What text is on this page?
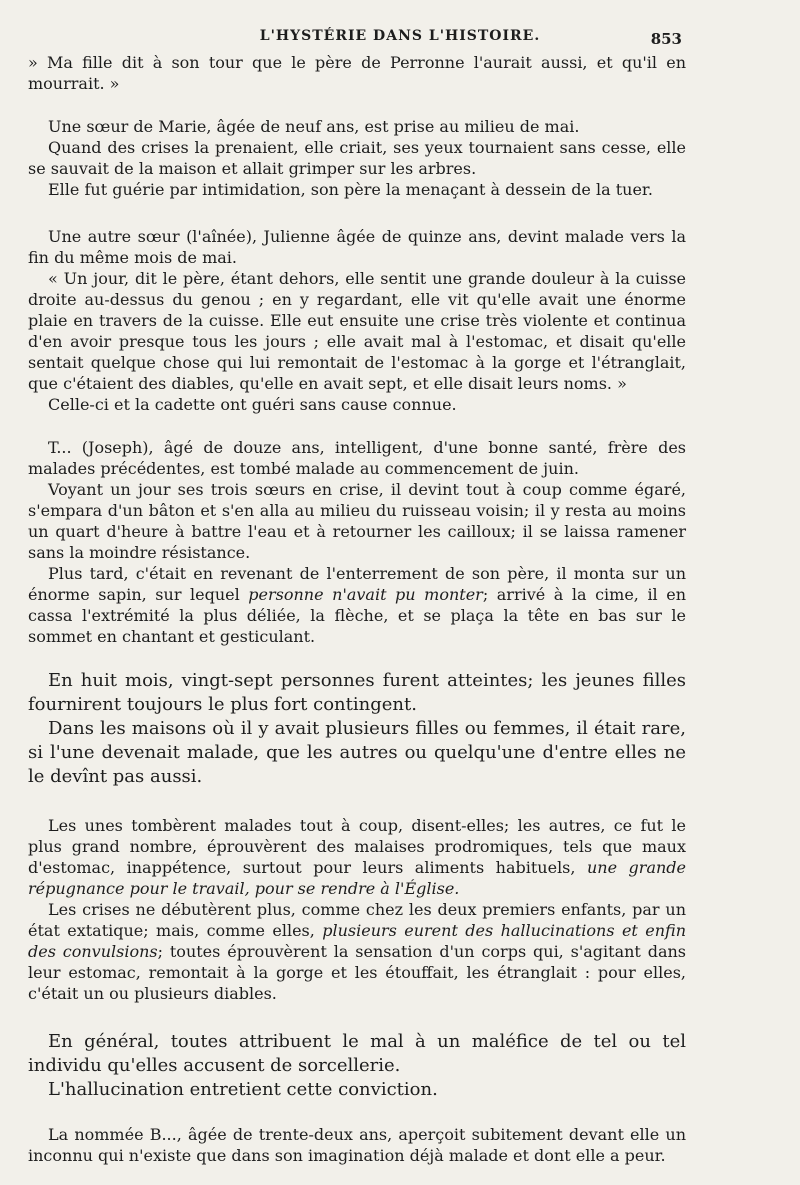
L'HYSTÉRIE DANS L'HISTOIRE.	853

» Ma fille dit à son tour que le père de Perronne l'aurait aussi, et qu'il en mourrait. »

Une sœur de Marie, âgée de neuf ans, est prise au milieu de mai.

Quand des crises la prenaient, elle criait, ses yeux tournaient sans cesse, elle se sauvait de la maison et allait grimper sur les arbres.

Elle fut guérie par intimidation, son père la menaçant à dessein de la tuer.

Une autre sœur (l'aînée), Julienne âgée de quinze ans, devint malade vers la fin du même mois de mai.

« Un jour, dit le père, étant dehors, elle sentit une grande douleur à la cuisse droite au-dessus du genou ; en y regardant, elle vit qu'elle avait une énorme plaie en travers de la cuisse. Elle eut ensuite une crise très violente et continua d'en avoir presque tous les jours ; elle avait mal à l'estomac, et disait qu'elle sentait quelque chose qui lui remontait de l'estomac à la gorge et l'étranglait, que c'étaient des diables, qu'elle en avait sept, et elle disait leurs noms. »

Celle-ci et la cadette ont guéri sans cause connue.

T... (Joseph), âgé de douze ans, intelligent, d'une bonne santé, frère des malades précédentes, est tombé malade au commencement de juin.

Voyant un jour ses trois sœurs en crise, il devint tout à coup comme égaré, s'empara d'un bâton et s'en alla au milieu du ruisseau voisin; il y resta au moins un quart d'heure à battre l'eau et à retourner les cailloux; il se laissa ramener sans la moindre résistance.

Plus tard, c'était en revenant de l'enterrement de son père, il monta sur un énorme sapin, sur lequel personne n'avait pu monter; arrivé à la cime, il en cassa l'extrémité la plus déliée, la flèche, et se plaça la tête en bas sur le sommet en chantant et gesticulant.

En huit mois, vingt-sept personnes furent atteintes; les jeunes filles fournirent toujours le plus fort contingent.

Dans les maisons où il y avait plusieurs filles ou femmes, il était rare, si l'une devenait malade, que les autres ou quelqu'une d'entre elles ne le devînt pas aussi.

Les unes tombèrent malades tout à coup, disent-elles; les autres, ce fut le plus grand nombre, éprouvèrent des malaises prodromiques, tels que maux d'estomac, inappétence, surtout pour leurs aliments habituels, une grande répugnance pour le travail, pour se rendre à l'Église.

Les crises ne débutèrent plus, comme chez les deux premiers enfants, par un état extatique; mais, comme elles, plusieurs eurent des hallucinations et enfin des convulsions; toutes éprouvèrent la sensation d'un corps qui, s'agitant dans leur estomac, remontait à la gorge et les étouffait, les étranglait : pour elles, c'était un ou plusieurs diables.

En général, toutes attribuent le mal à un maléfice de tel ou tel individu qu'elles accusent de sorcellerie.

L'hallucination entretient cette conviction.

La nommée B..., âgée de trente-deux ans, aperçoit subitement devant elle un inconnu qui n'existe que dans son imagination déjà malade et dont elle a peur.
